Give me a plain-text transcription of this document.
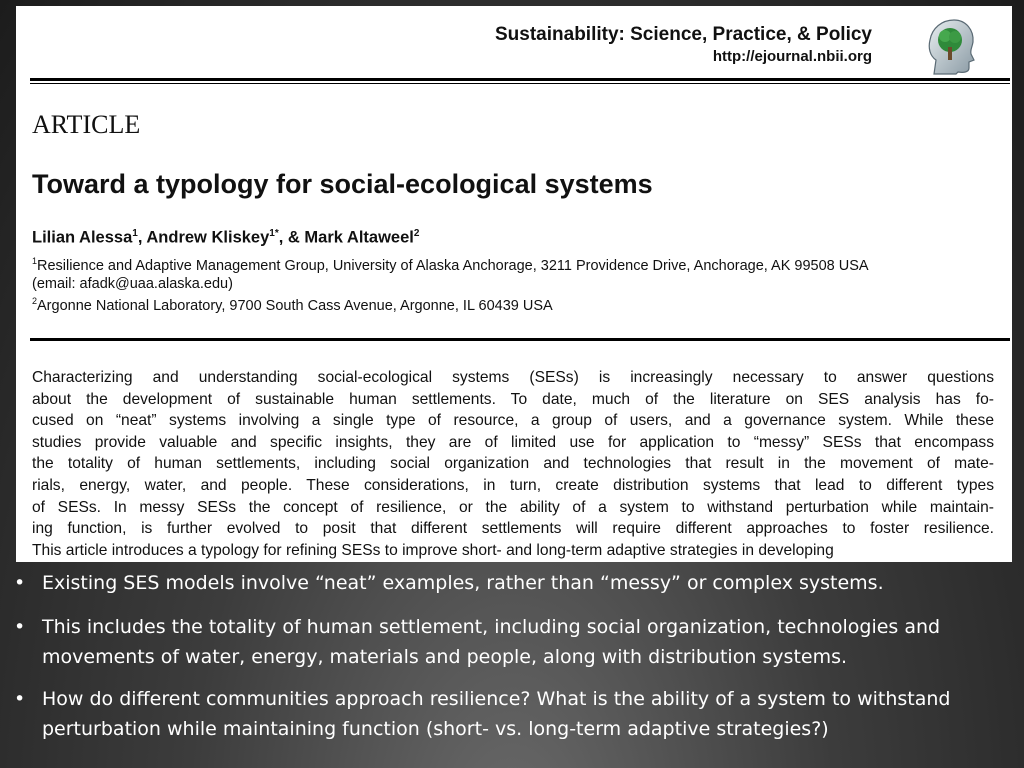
Sustainability: Science, Practice, & Policy
http://ejournal.nbii.org
ARTICLE
Toward a typology for social-ecological systems
Lilian Alessa$^1$, Andrew Kliskey$^{1*}$, & Mark Altaweel$^2$
$^1$Resilience and Adaptive Management Group, University of Alaska Anchorage, 3211 Providence Drive, Anchorage, AK 99508 USA
(email: afadk@uaa.alaska.edu)
$^2$Argonne National Laboratory, 9700 South Cass Avenue, Argonne, IL 60439 USA
Characterizing and understanding social-ecological systems (SESs) is increasingly necessary to answer questions
about the development of sustainable human settlements. To date, much of the literature on SES analysis has fo-
cused on “neat” systems involving a single type of resource, a group of users, and a governance system. While these
studies provide valuable and specific insights, they are of limited use for application to “messy” SESs that encompass
the totality of human settlements, including social organization and technologies that result in the movement of mate-
rials, energy, water, and people. These considerations, in turn, create distribution systems that lead to different types
of SESs. In messy SESs the concept of resilience, or the ability of a system to withstand perturbation while maintain-
ing function, is further evolved to posit that different settlements will require different approaches to foster resilience.
This article introduces a typology for refining SESs to improve short- and long-term adaptive strategies in developing
• Existing SES models involve “neat” examples, rather than “messy” or complex systems.
• This includes the totality of human settlement, including social organization, technologies and movements of water, energy, materials and people, along with distribution systems.
• How do different communities approach resilience? What is the ability of a system to withstand perturbation while maintaining function (short- vs. long-term adaptive strategies?)
